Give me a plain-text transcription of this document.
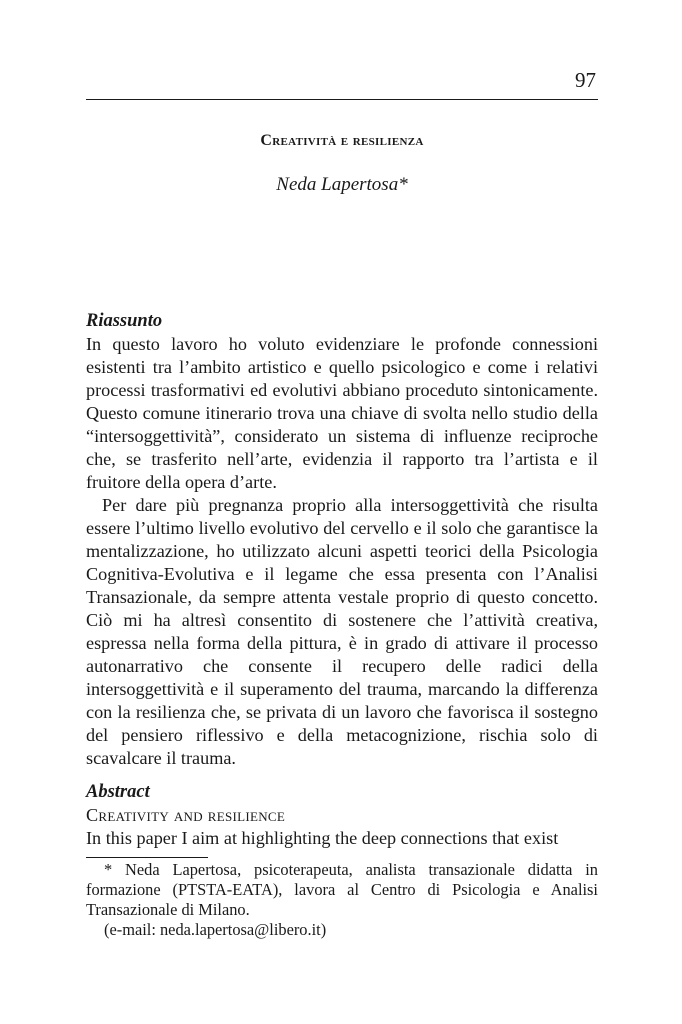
97
Creatività e resilienza
Neda Lapertosa*
Riassunto
In questo lavoro ho voluto evidenziare le profonde connessioni esistenti tra l’ambito artistico e quello psicologico e come i relativi processi trasformativi ed evolutivi abbiano proceduto sintonicamente. Questo comune itinerario trova una chiave di svolta nello studio della “intersoggettività”, considerato un sistema di influenze reciproche che, se trasferito nell’arte, evidenzia il rapporto tra l’artista e il fruitore della opera d’arte.
Per dare più pregnanza proprio alla intersoggettività che risulta essere l’ultimo livello evolutivo del cervello e il solo che garantisce la mentalizzazione, ho utilizzato alcuni aspetti teorici della Psicologia Cognitiva-Evolutiva e il legame che essa presenta con l’Analisi Transazionale, da sempre attenta vestale proprio di questo concetto. Ciò mi ha altresì consentito di sostenere che l’attività creativa, espressa nella forma della pittura, è in grado di attivare il processo autonarrativo che consente il recupero delle radici della intersoggettività e il superamento del trauma, marcando la differenza con la resilienza che, se privata di un lavoro che favorisca il sostegno del pensiero riflessivo e della metacognizione, rischia solo di scavalcare il trauma.
Abstract
Creativity and resilience
In this paper I aim at highlighting the deep connections that exist
* Neda Lapertosa, psicoterapeuta, analista transazionale didatta in formazione (PTSTA-EATA), lavora al Centro di Psicologia e Analisi Transazionale di Milano.
(e-mail: neda.lapertosa@libero.it)
